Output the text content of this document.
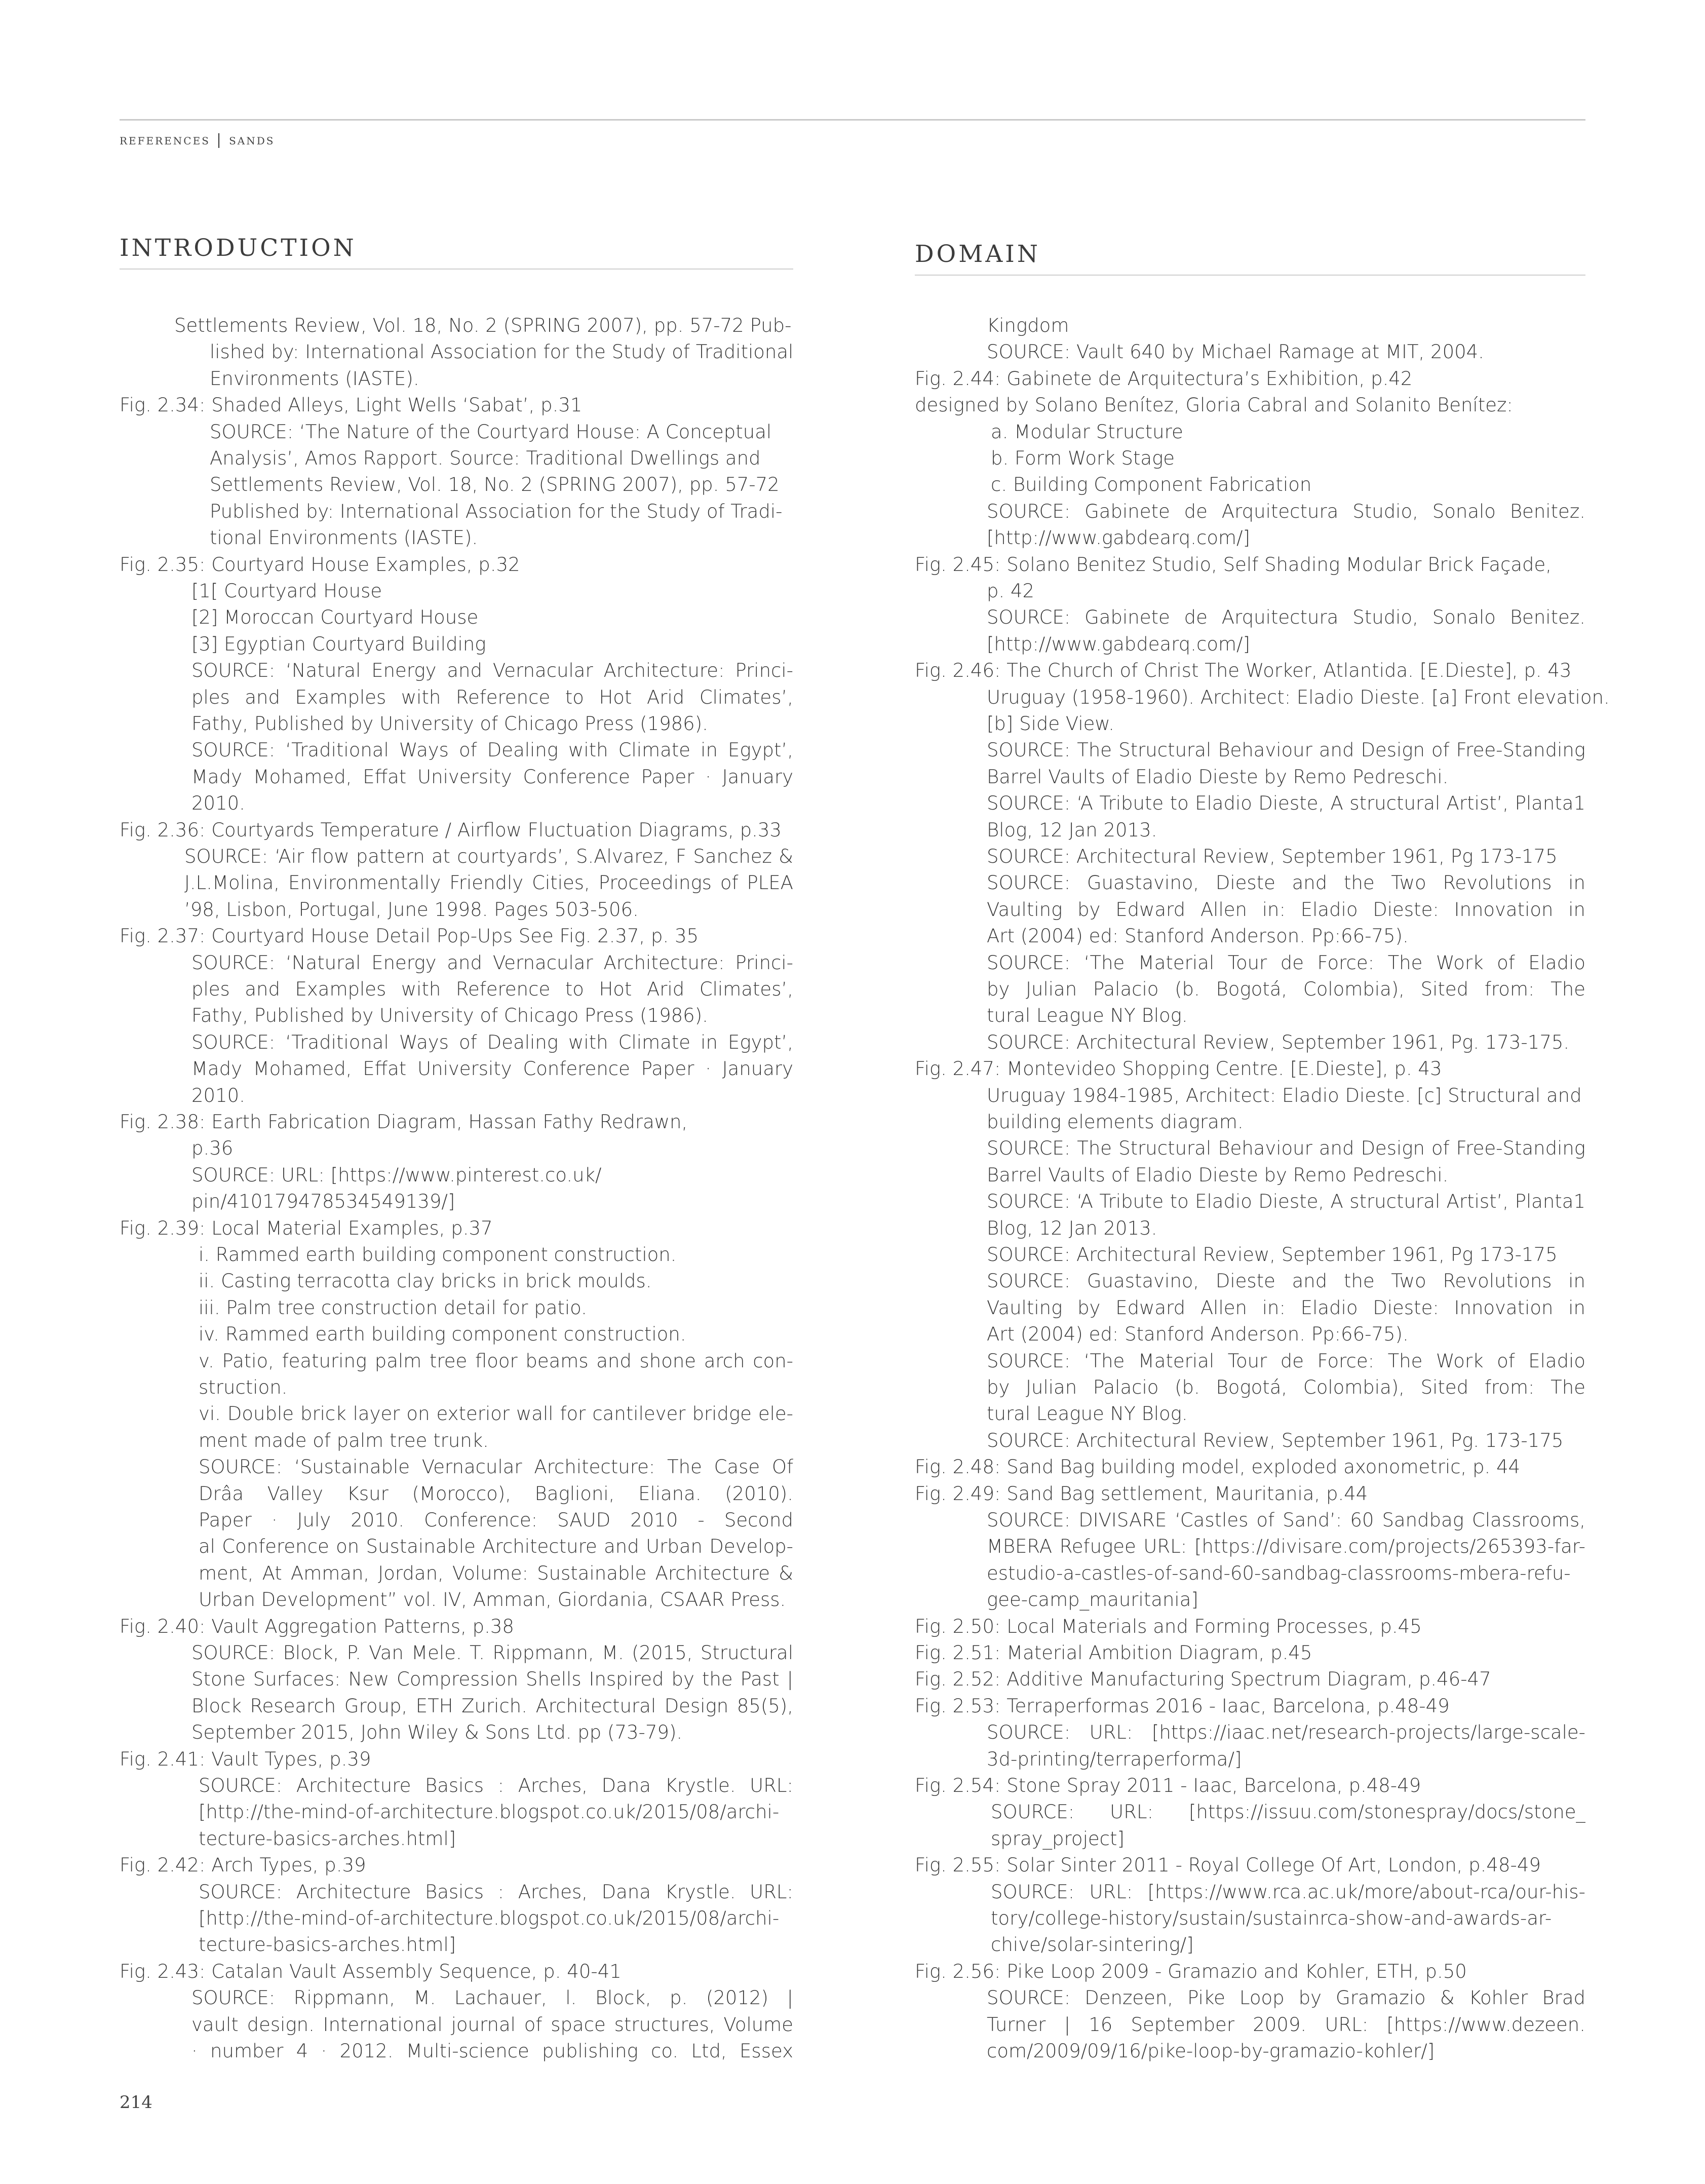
references | sands
INTRODUCTION	DOMAIN
Settlements Review, Vol. 18, No. 2 (SPRING 2007), pp. 57-72 Pub-
lished by: International Association for the Study of Traditional
Environments (IASTE).
Fig. 2.34: Shaded Alleys, Light Wells ‘Sabat’, p.31
SOURCE: ‘The Nature of the Courtyard House: A Conceptual
Analysis’, Amos Rapport. Source: Traditional Dwellings and
Settlements Review, Vol. 18, No. 2 (SPRING 2007), pp. 57-72
Published by: International Association for the Study of Tradi-
tional Environments (IASTE).
Fig. 2.35: Courtyard House Examples, p.32
[1[ Courtyard House
[2] Moroccan Courtyard House
[3] Egyptian Courtyard Building
SOURCE: ‘Natural Energy and Vernacular Architecture: Princi-
ples and Examples with Reference to Hot Arid Climates’,
Fathy, Published by University of Chicago Press (1986).
SOURCE: ‘Traditional Ways of Dealing with Climate in Egypt’,
Mady Mohamed, Effat University Conference Paper · January
2010.
Fig. 2.36: Courtyards Temperature / Airflow Fluctuation Diagrams, p.33
SOURCE: ‘Air flow pattern at courtyards’, S.Alvarez, F Sanchez &
J.L.Molina, Environmentally Friendly Cities, Proceedings of PLEA
’98, Lisbon, Portugal, June 1998. Pages 503-506.
Fig. 2.37: Courtyard House Detail Pop-Ups See Fig. 2.37, p. 35
SOURCE: ‘Natural Energy and Vernacular Architecture: Princi-
ples and Examples with Reference to Hot Arid Climates’,
Fathy, Published by University of Chicago Press (1986).
SOURCE: ‘Traditional Ways of Dealing with Climate in Egypt’,
Mady Mohamed, Effat University Conference Paper · January
2010.
Fig. 2.38: Earth Fabrication Diagram, Hassan Fathy Redrawn,
p.36
SOURCE: URL: [https://www.pinterest.co.uk/
pin/410179478534549139/]
Fig. 2.39: Local Material Examples, p.37
i. Rammed earth building component construction.
ii. Casting terracotta clay bricks in brick moulds.
iii. Palm tree construction detail for patio.
iv. Rammed earth building component construction.
v. Patio, featuring palm tree floor beams and shone arch con-
struction.
vi. Double brick layer on exterior wall for cantilever bridge ele-
ment made of palm tree trunk.
SOURCE: ‘Sustainable Vernacular Architecture: The Case Of
Drâa Valley Ksur (Morocco), Baglioni, Eliana. (2010).
Paper · July 2010. Conference: SAUD 2010 - Second
al Conference on Sustainable Architecture and Urban Develop-
ment, At Amman, Jordan, Volume: Sustainable Architecture &
Urban Development” vol. IV, Amman, Giordania, CSAAR Press.
Fig. 2.40: Vault Aggregation Patterns, p.38
SOURCE: Block, P. Van Mele. T. Rippmann, M. (2015, Structural
Stone Surfaces: New Compression Shells Inspired by the Past |
Block Research Group, ETH Zurich. Architectural Design 85(5),
September 2015, John Wiley & Sons Ltd. pp (73-79).
Fig. 2.41: Vault Types, p.39
SOURCE: Architecture Basics : Arches, Dana Krystle. URL:
[http://the-mind-of-architecture.blogspot.co.uk/2015/08/archi-
tecture-basics-arches.html]
Fig. 2.42: Arch Types, p.39
SOURCE: Architecture Basics : Arches, Dana Krystle. URL:
[http://the-mind-of-architecture.blogspot.co.uk/2015/08/archi-
tecture-basics-arches.html]
Fig. 2.43: Catalan Vault Assembly Sequence, p. 40-41
SOURCE: Rippmann, M. Lachauer, l. Block, p. (2012) |
vault design. International journal of space structures, Volume
· number 4 · 2012. Multi-science publishing co. Ltd, Essex
Kingdom
SOURCE: Vault 640 by Michael Ramage at MIT, 2004.
Fig. 2.44: Gabinete de Arquitectura’s Exhibition, p.42
designed by Solano Benítez, Gloria Cabral and Solanito Benítez:
a. Modular Structure
b. Form Work Stage
c. Building Component Fabrication
SOURCE: Gabinete de Arquitectura Studio, Sonalo Benitez.
[http://www.gabdearq.com/]
Fig. 2.45: Solano Benitez Studio, Self Shading Modular Brick Façade,
p. 42
SOURCE: Gabinete de Arquitectura Studio, Sonalo Benitez.
[http://www.gabdearq.com/]
Fig. 2.46: The Church of Christ The Worker, Atlantida. [E.Dieste], p. 43
Uruguay (1958-1960). Architect: Eladio Dieste. [a] Front elevation.
[b] Side View.
SOURCE: The Structural Behaviour and Design of Free-Standing
Barrel Vaults of Eladio Dieste by Remo Pedreschi.
SOURCE: ‘A Tribute to Eladio Dieste, A structural Artist’, Planta1
Blog, 12 Jan 2013.
SOURCE: Architectural Review, September 1961, Pg 173-175
SOURCE: Guastavino, Dieste and the Two Revolutions in
Vaulting by Edward Allen in: Eladio Dieste: Innovation in
Art (2004) ed: Stanford Anderson. Pp:66-75).
SOURCE: ‘The Material Tour de Force: The Work of Eladio
by Julian Palacio (b. Bogotá, Colombia), Sited from: The
tural League NY Blog.
SOURCE: Architectural Review, September 1961, Pg. 173-175.
Fig. 2.47: Montevideo Shopping Centre. [E.Dieste], p. 43
Uruguay 1984-1985, Architect: Eladio Dieste. [c] Structural and
building elements diagram.
SOURCE: The Structural Behaviour and Design of Free-Standing
Barrel Vaults of Eladio Dieste by Remo Pedreschi.
SOURCE: ‘A Tribute to Eladio Dieste, A structural Artist’, Planta1
Blog, 12 Jan 2013.
SOURCE: Architectural Review, September 1961, Pg 173-175
SOURCE: Guastavino, Dieste and the Two Revolutions in
Vaulting by Edward Allen in: Eladio Dieste: Innovation in
Art (2004) ed: Stanford Anderson. Pp:66-75).
SOURCE: ‘The Material Tour de Force: The Work of Eladio
by Julian Palacio (b. Bogotá, Colombia), Sited from: The
tural League NY Blog.
SOURCE: Architectural Review, September 1961, Pg. 173-175
Fig. 2.48: Sand Bag building model, exploded axonometric, p. 44
Fig. 2.49: Sand Bag settlement, Mauritania, p.44
SOURCE: DIVISARE ‘Castles of Sand’: 60 Sandbag Classrooms,
MBERA Refugee URL: [https://divisare.com/projects/265393-far-
estudio-a-castles-of-sand-60-sandbag-classrooms-mbera-refu-
gee-camp_mauritania]
Fig. 2.50: Local Materials and Forming Processes, p.45
Fig. 2.51: Material Ambition Diagram, p.45
Fig. 2.52: Additive Manufacturing Spectrum Diagram, p.46-47
Fig. 2.53: Terraperformas 2016 - Iaac, Barcelona, p.48-49
SOURCE: URL: [https://iaac.net/research-projects/large-scale-
3d-printing/terraperforma/]
Fig. 2.54: Stone Spray 2011 - Iaac, Barcelona, p.48-49
SOURCE: URL: [https://issuu.com/stonespray/docs/stone_
spray_project]
Fig. 2.55: Solar Sinter 2011 - Royal College Of Art, London, p.48-49
SOURCE: URL: [https://www.rca.ac.uk/more/about-rca/our-his-
tory/college-history/sustain/sustainrca-show-and-awards-ar-
chive/solar-sintering/]
Fig. 2.56: Pike Loop 2009 - Gramazio and Kohler, ETH, p.50
SOURCE: Denzeen, Pike Loop by Gramazio & Kohler Brad
Turner | 16 September 2009. URL: [https://www.dezeen.
com/2009/09/16/pike-loop-by-gramazio-kohler/]
214
